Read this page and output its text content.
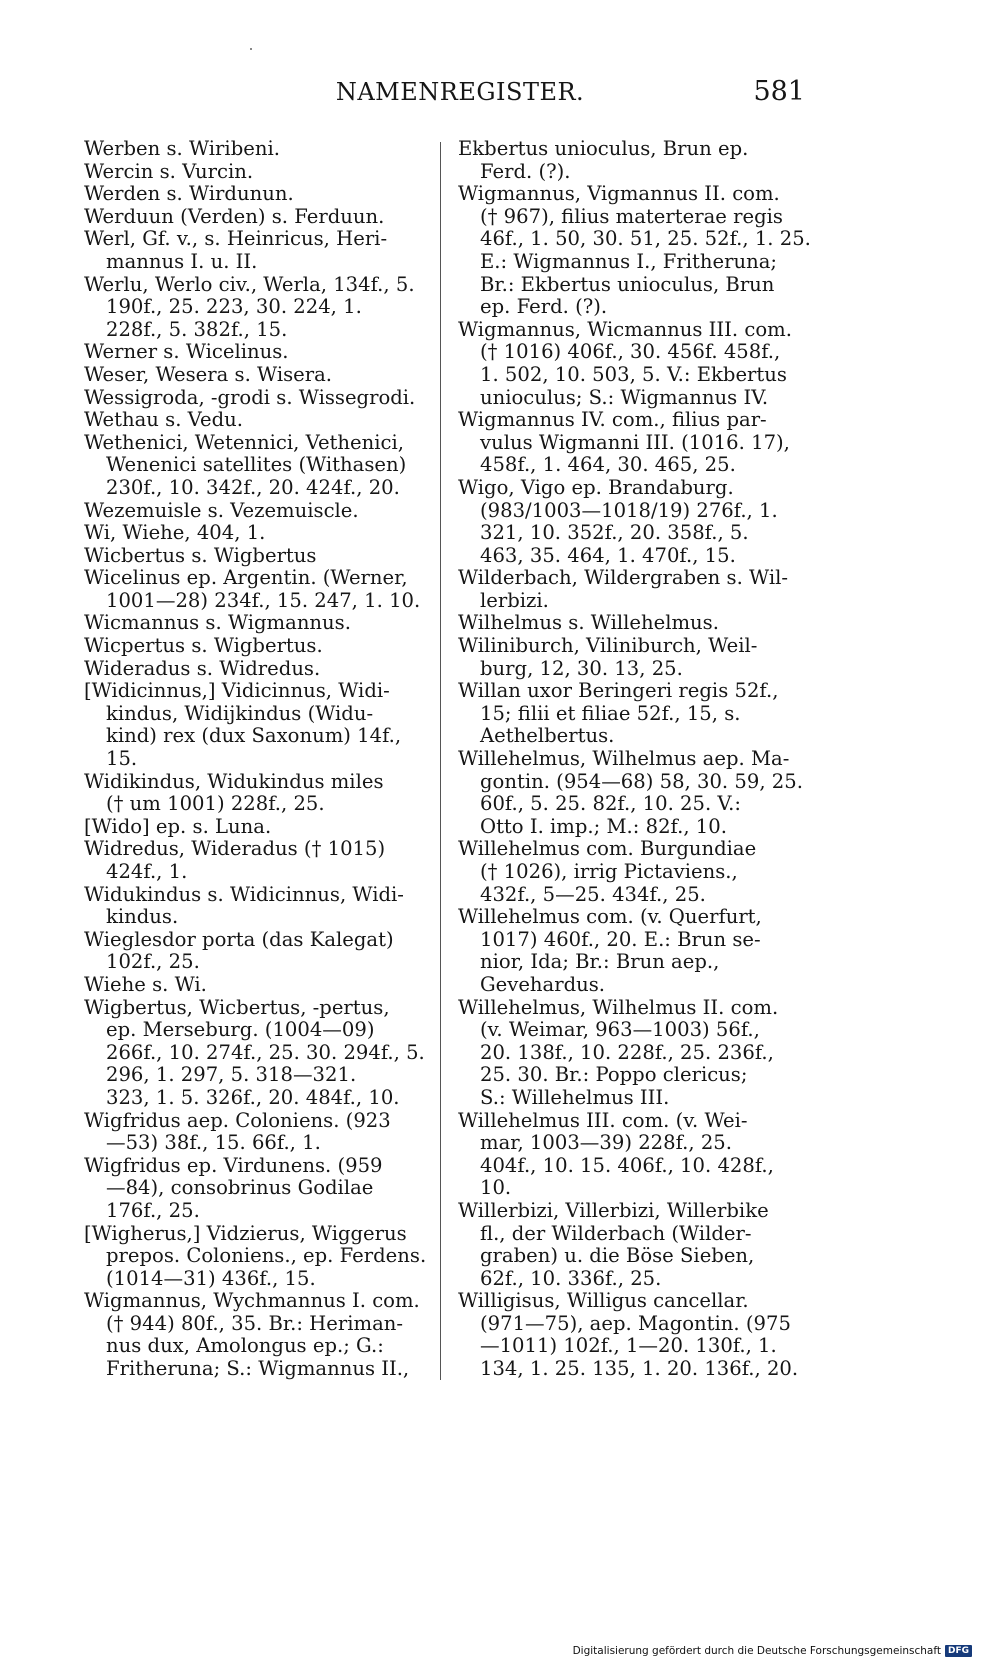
NAMENREGISTER.	581
Werben s. Wiribeni.
Wercin s. Vurcin.
Werden s. Wirdunun.
Werduun (Verden) s. Ferduun.
Werl, Gf. v., s. Heinricus, Heri-
mannus I. u. II.
Werlu, Werlo civ., Werla, 134f., 5.
190f., 25. 223, 30. 224, 1.
228f., 5. 382f., 15.
Werner s. Wicelinus.
Weser, Wesera s. Wisera.
Wessigroda, -grodi s. Wissegrodi.
Wethau s. Vedu.
Wethenici, Wetennici, Vethenici,
Wenenici satellites (Withasen)
230f., 10. 342f., 20. 424f., 20.
Wezemuisle s. Vezemuiscle.
Wi, Wiehe, 404, 1.
Wicbertus s. Wigbertus
Wicelinus ep. Argentin. (Werner,
1001—28) 234f., 15. 247, 1. 10.
Wicmannus s. Wigmannus.
Wicpertus s. Wigbertus.
Wideradus s. Widredus.
[Widicinnus,] Vidicinnus, Widi-
kindus, Widijkindus (Widu-
kind) rex (dux Saxonum) 14f.,
15.
Widikindus, Widukindus miles
(† um 1001) 228f., 25.
[Wido] ep. s. Luna.
Widredus, Wideradus († 1015)
424f., 1.
Widukindus s. Widicinnus, Widi-
kindus.
Wieglesdor porta (das Kalegat)
102f., 25.
Wiehe s. Wi.
Wigbertus, Wicbertus, -pertus,
ep. Merseburg. (1004—09)
266f., 10. 274f., 25. 30. 294f., 5.
296, 1. 297, 5. 318—321.
323, 1. 5. 326f., 20. 484f., 10.
Wigfridus aep. Coloniens. (923
—53) 38f., 15. 66f., 1.
Wigfridus ep. Virdunens. (959
—84), consobrinus Godilae
176f., 25.
[Wigherus,] Vidzierus, Wiggerus
prepos. Coloniens., ep. Ferdens.
(1014—31) 436f., 15.
Wigmannus, Wychmannus I. com.
(† 944) 80f., 35. Br.: Heriman-
nus dux, Amolongus ep.; G.:
Fritheruna; S.: Wigmannus II.,
Ekbertus unioculus, Brun ep.
Ferd. (?).
Wigmannus, Vigmannus II. com.
(† 967), filius materterae regis
46f., 1. 50, 30. 51, 25. 52f., 1. 25.
E.: Wigmannus I., Fritheruna;
Br.: Ekbertus unioculus, Brun
ep. Ferd. (?).
Wigmannus, Wicmannus III. com.
(† 1016) 406f., 30. 456f. 458f.,
1. 502, 10. 503, 5. V.: Ekbertus
unioculus; S.: Wigmannus IV.
Wigmannus IV. com., filius par-
vulus Wigmanni III. (1016. 17),
458f., 1. 464, 30. 465, 25.
Wigo, Vigo ep. Brandaburg.
(983/1003—1018/19) 276f., 1.
321, 10. 352f., 20. 358f., 5.
463, 35. 464, 1. 470f., 15.
Wilderbach, Wildergraben s. Wil-
lerbizi.
Wilhelmus s. Willehelmus.
Wiliniburch, Viliniburch, Weil-
burg, 12, 30. 13, 25.
Willan uxor Beringeri regis 52f.,
15; filii et filiae 52f., 15, s.
Aethelbertus.
Willehelmus, Wilhelmus aep. Ma-
gontin. (954—68) 58, 30. 59, 25.
60f., 5. 25. 82f., 10. 25. V.:
Otto I. imp.; M.: 82f., 10.
Willehelmus com. Burgundiae
(† 1026), irrig Pictaviens.,
432f., 5—25. 434f., 25.
Willehelmus com. (v. Querfurt,
1017) 460f., 20. E.: Brun se-
nior, Ida; Br.: Brun aep.,
Gevehardus.
Willehelmus, Wilhelmus II. com.
(v. Weimar, 963—1003) 56f.,
20. 138f., 10. 228f., 25. 236f.,
25. 30. Br.: Poppo clericus;
S.: Willehelmus III.
Willehelmus III. com. (v. Wei-
mar, 1003—39) 228f., 25.
404f., 10. 15. 406f., 10. 428f.,
10.
Willerbizi, Villerbizi, Willerbike
fl., der Wilderbach (Wilder-
graben) u. die Böse Sieben,
62f., 10. 336f., 25.
Willigisus, Willigus cancellar.
(971—75), aep. Magontin. (975
—1011) 102f., 1—20. 130f., 1.
134, 1. 25. 135, 1. 20. 136f., 20.
Digitalisierung gefördert durch die Deutsche Forschungsgemeinschaft DFG
